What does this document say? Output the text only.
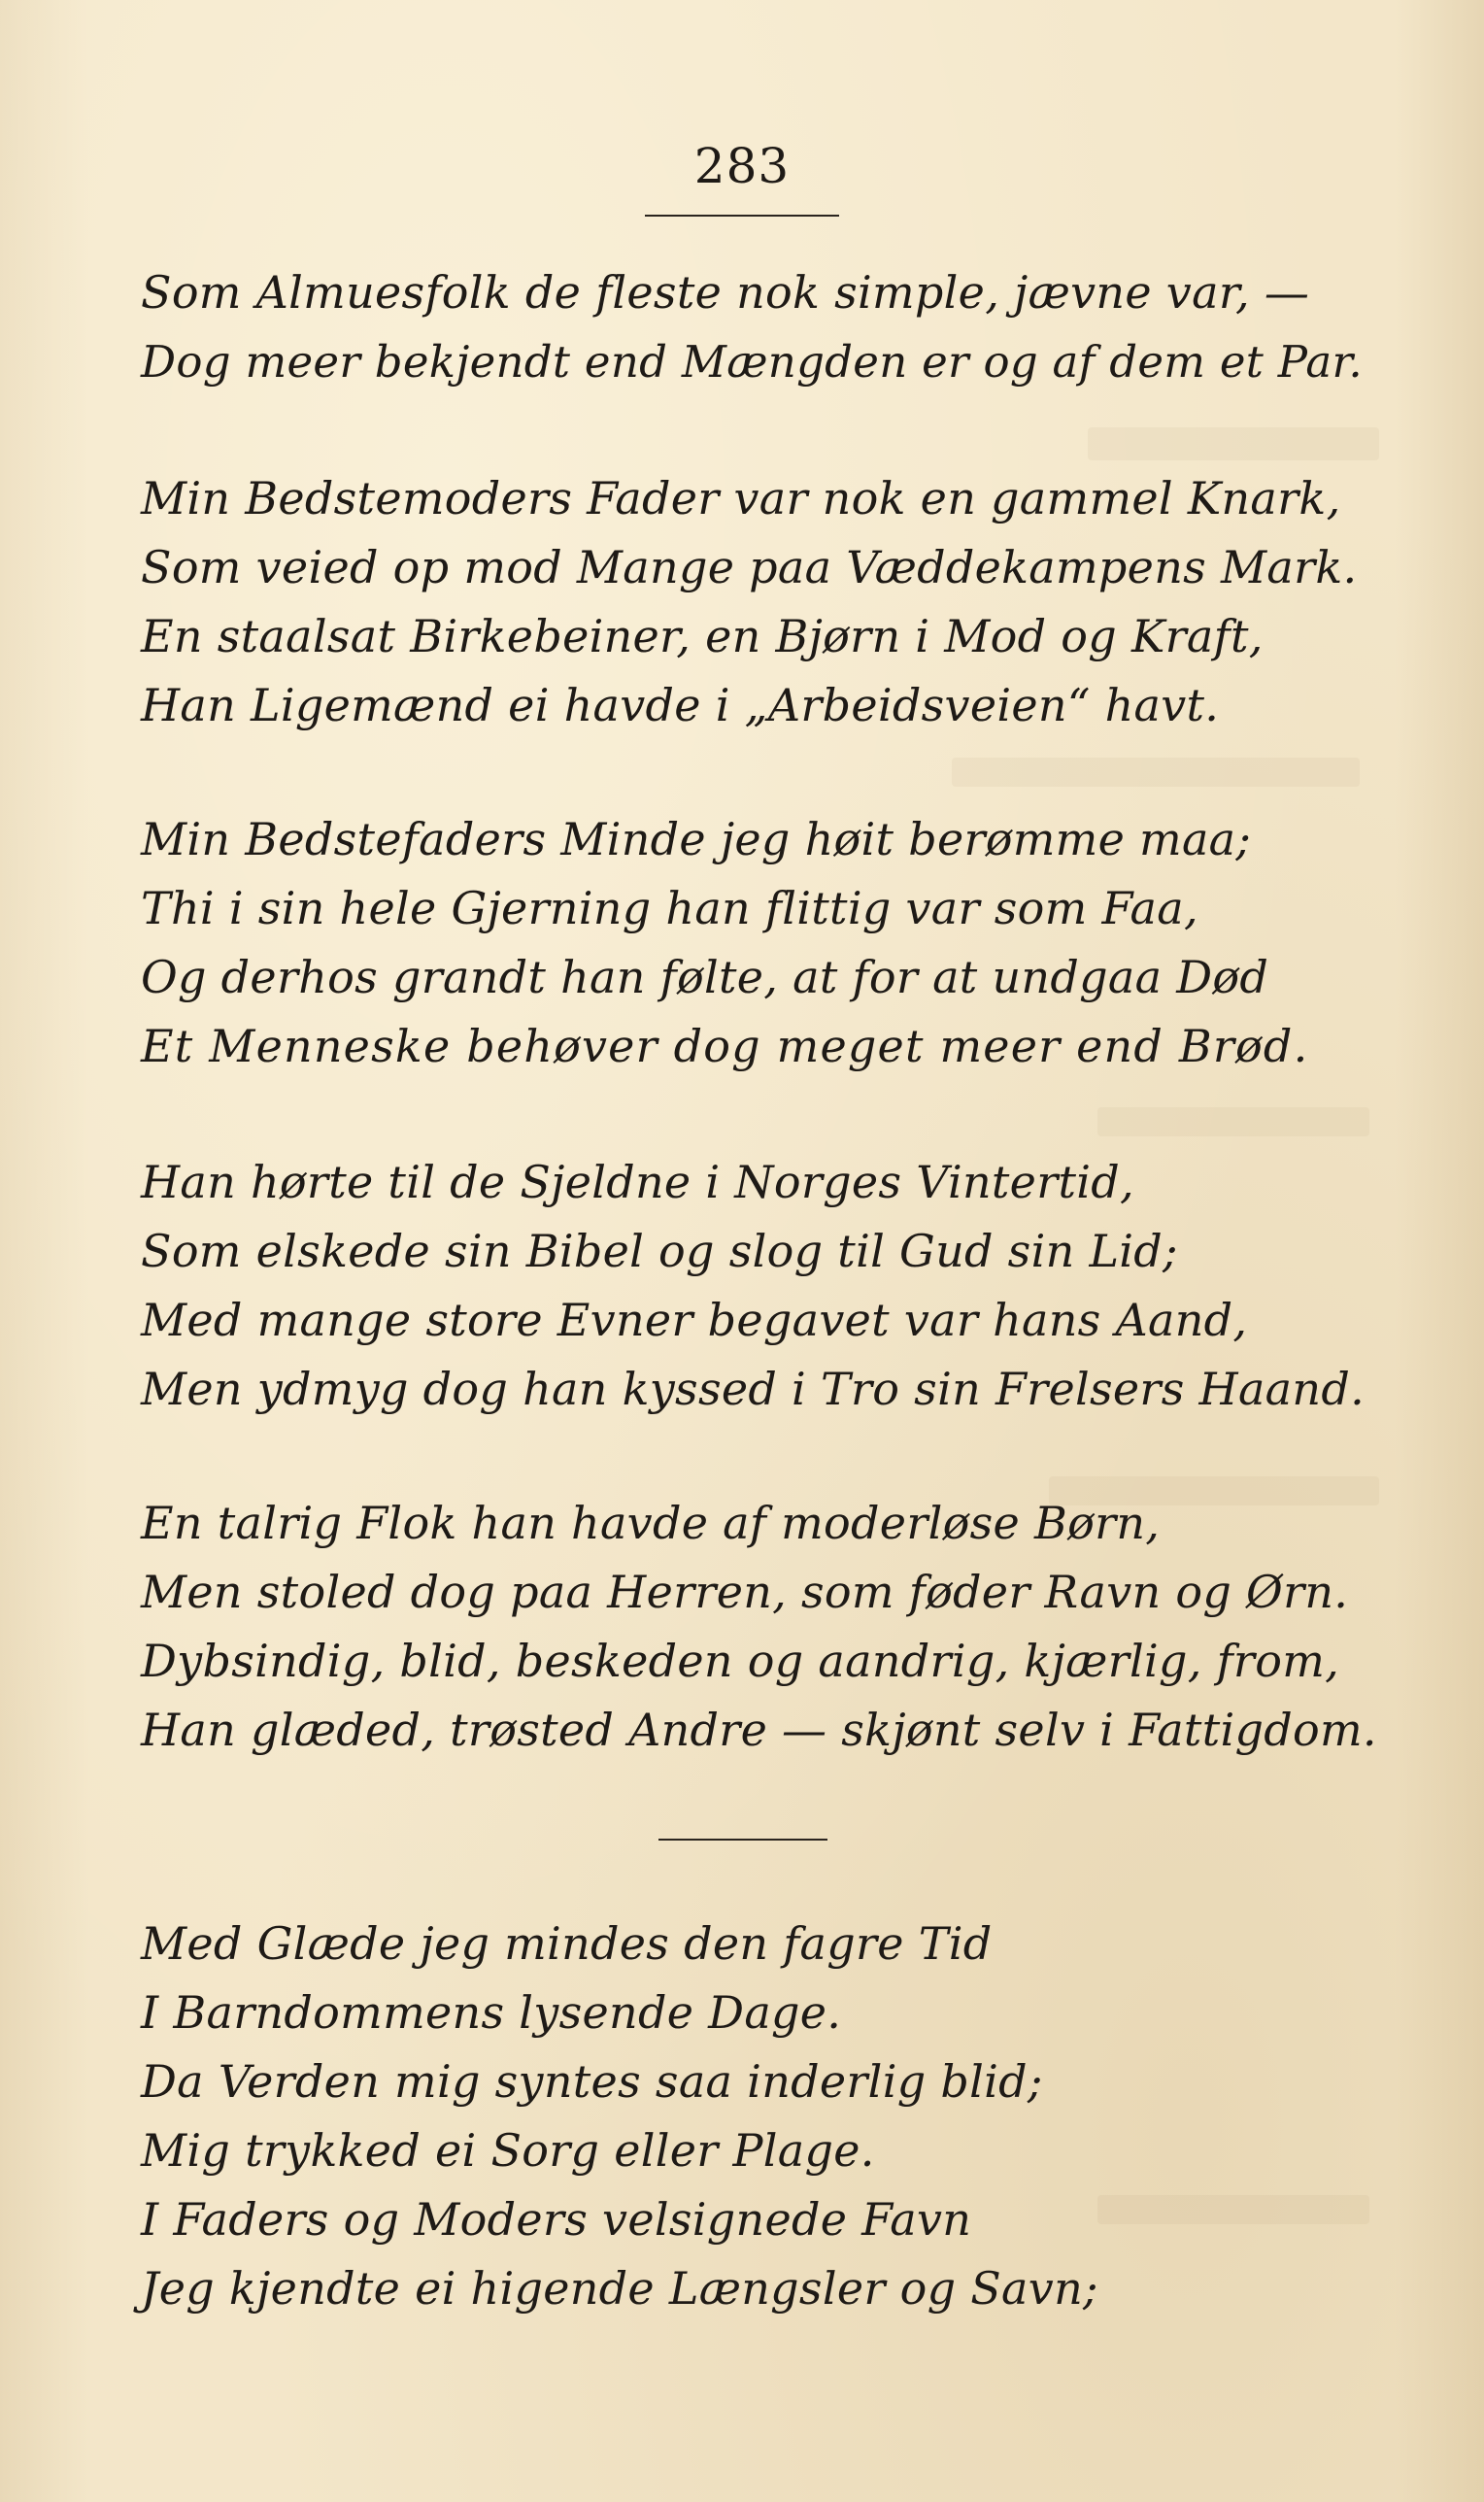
283
Som Almuesfolk de fleste nok simple, jævne var, —
Dog meer bekjendt end Mængden er og af dem et Par.
Min Bedstemoders Fader var nok en gammel Knark,
Som veied op mod Mange paa Væddekampens Mark.
En staalsat Birkebeiner, en Bjørn i Mod og Kraft,
Han Ligemænd ei havde i „Arbeidsveien“ havt.
Min Bedstefaders Minde jeg høit berømme maa;
Thi i sin hele Gjerning han flittig var som Faa,
Og derhos grandt han følte, at for at undgaa Død
Et Menneske behøver dog meget meer end Brød.
Han hørte til de Sjeldne i Norges Vintertid,
Som elskede sin Bibel og slog til Gud sin Lid;
Med mange store Evner begavet var hans Aand,
Men ydmyg dog han kyssed i Tro sin Frelsers Haand.
En talrig Flok han havde af moderløse Børn,
Men stoled dog paa Herren, som føder Ravn og Ørn.
Dybsindig, blid, beskeden og aandrig, kjærlig, from,
Han glæded, trøsted Andre — skjønt selv i Fattigdom.
Med Glæde jeg mindes den fagre Tid
I Barndommens lysende Dage.
Da Verden mig syntes saa inderlig blid;
Mig trykked ei Sorg eller Plage.
I Faders og Moders velsignede Favn
Jeg kjendte ei higende Længsler og Savn;
